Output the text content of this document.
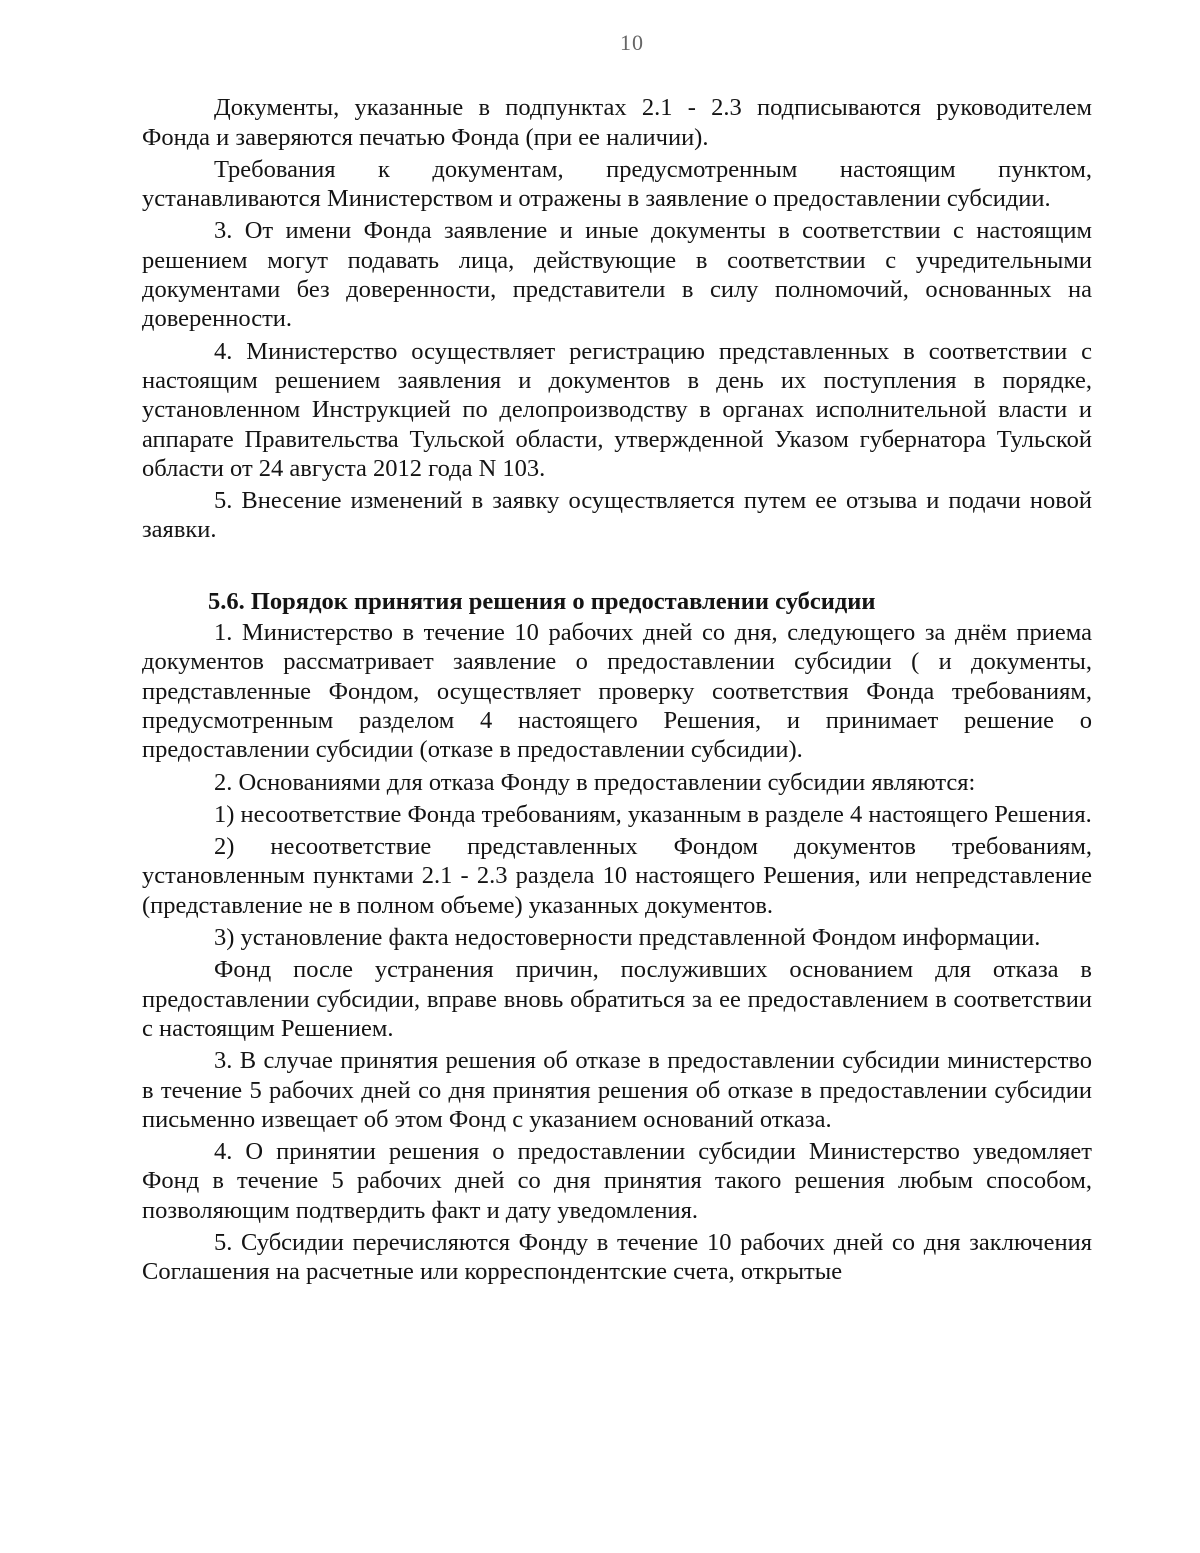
10

Документы, указанные в подпунктах 2.1 - 2.3 подписываются руководителем Фонда и заверяются печатью Фонда (при ее наличии).

Требования к документам, предусмотренным настоящим пунктом, устанавливаются Министерством и отражены в заявление о предоставлении субсидии.

3. От имени Фонда заявление и иные документы в соответствии с настоящим решением могут подавать лица, действующие в соответствии с учредительными документами без доверенности, представители в силу полномочий, основанных на доверенности.

4. Министерство осуществляет регистрацию представленных в соответствии с настоящим решением заявления и документов в день их поступления в порядке, установленном Инструкцией по делопроизводству в органах исполнительной власти и аппарате Правительства Тульской области, утвержденной Указом губернатора Тульской области от 24 августа 2012 года N 103.

5. Внесение изменений в заявку осуществляется путем ее отзыва и подачи новой заявки.

5.6. Порядок принятия решения о предоставлении субсидии

1. Министерство в течение 10 рабочих дней со дня, следующего за днём приема документов рассматривает заявление о предоставлении субсидии ( и документы, представленные Фондом, осуществляет проверку соответствия Фонда требованиям, предусмотренным разделом 4 настоящего Решения, и принимает решение о предоставлении субсидии (отказе в предоставлении субсидии).

2. Основаниями для отказа Фонду в предоставлении субсидии являются:

1) несоответствие Фонда требованиям, указанным в разделе 4 настоящего Решения.

2) несоответствие представленных Фондом документов требованиям, установленным пунктами 2.1 - 2.3 раздела 10 настоящего Решения, или непредставление (представление не в полном объеме) указанных документов.

3) установление факта недостоверности представленной Фондом информации.

Фонд после устранения причин, послуживших основанием для отказа в предоставлении субсидии, вправе вновь обратиться за ее предоставлением в соответствии с настоящим Решением.

3. В случае принятия решения об отказе в предоставлении субсидии министерство в течение 5 рабочих дней со дня принятия решения об отказе в предоставлении субсидии письменно извещает об этом Фонд с указанием оснований отказа.

4. О принятии решения о предоставлении субсидии Министерство уведомляет Фонд в течение 5 рабочих дней со дня принятия такого решения любым способом, позволяющим подтвердить факт и дату уведомления.

5. Субсидии перечисляются Фонду в течение 10 рабочих дней со дня заключения Соглашения на расчетные или корреспондентские счета, открытые
